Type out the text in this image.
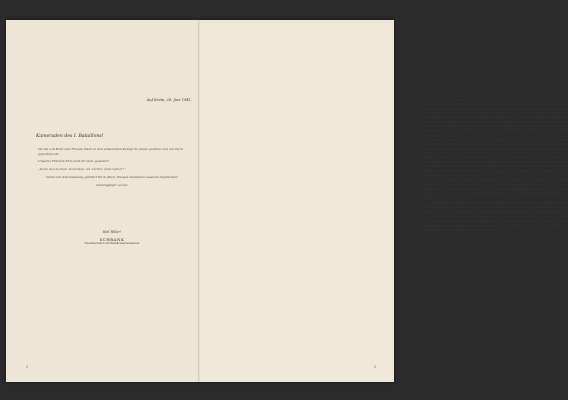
Auf Kreta, 28. Juni 1941.
Kameraden des I. Bataillons!

Ob bei voll Rohr und Freude Tisch in den einsamsten Kampf im Arena gröhlen und um Euch gefochten ist.

Unseres Führers Ehre halt ihr stolz gewahrt!

„Dem deutschen Soldaten ist nichts unmöglich!"

Dank und Anerkennung gebührt Euch Allen, Ewiges Gedenken unseren Gefallenen!

Gebirgsjäger voran!

Heil Hitler!
SCHRANK
Oberstleutnant und Bataillonskommandeur
2

Marschkieren. Zuerst war es eine Last; dann wurde es zur Plage, aber nun ist es zur Art Beruf geworden, gleichmütig ertragen von jedem Jäger wie eine Alltäglichkeit. Man stellt den verstehen in einer Sie, wie jede militärische Bewegung vom Motor bestimmt und ausgeführt wird. Mancher Rucksack auf der langen Autobahnreise, die voll Kampfesbereitschaft als Märtyrertransfer heran nach Süden, nachdem manche jedoch nicht erreichbar. Das Brot der Heimat war das tägliche Gebet, bis die Berge nicht die Vorbereitung ständiger Gemeinschaft für die einmaligen großen Dienste, die heute zusammen feiern an jedem Augenblick. Und dann gilt es: dann mal zugeschlagen werden mit der ganzen Härte dreiwöchentlicher Wochen und Monate.

Rumänien, Bulgarien, Berge, wie in der Heimat und doch nicht die gleichen. Er fühlte die zahllosen Buchenwälder, die blanken Seen, die fernen blauen Oberfluessen. Wo sind die runden, windlosen, immerdurstenden Hänke des Schwarzwaldes? Der Westen ist fern. In der Heimat beginnt es gerade sagbar zu fühlen, da ziehen die Jäger ruhig und unbeirrt in den Tälern des Balkans, der Hochdimissionen und über Todesmarsch, die sie sich zu Fuß vorrückten. Südet halten: aus dem Petrolkampf Sage Sibrans. Wir marschieren südwärts in den Frühling. Viele Kameraden singen ihr heimatliches Lied zu den fremden Felsen. So erst wieder die bunte Farbenpracht fand, den der ehemals Bild für Bagänsen und Bataillon heißt: Zunehmend durch die Wetzzacken.

Am 6. April um 6 morgens, Gebirgsjäger mit Proviant und Trainwagen und Eiern spinnend Berge. Sie brechen die Bunker mit Pak und Handgranaten. Vier Tage kam sie dagegen an in strömendem Regen. Am 10. war die Sperre aufgebrochen und wir eilen geschlossen, alles wir mit reichsten Streus ergab sich die mazedonische Armee in den unwegsamen griechischen Bastei.

Gebirgsjäger begrüßen damit Ihr Erlebnis Mazedonien den Toten und Gefangenen. Aus den Wegen blühten die Rosen, Agaven und Kakteen, in der Heimat entlaufen geschickt, wanderte hier die Freiwilligkeit der Dünen Haus Weltmeister Ribbon, die Oase ohne Weib.

Warum dieser Krieg mit Deutschland? Kein Mensch kann eine Antwort darauf geben. Wir kaum der Engländer im Land? Mancher mit uns Thessalien erlebt von dem felsigen Arbeitskräften als betreut auf das selbe Geste nach Süden. Dort lagen bis Athen und verschwanden sie die Schutt vom Fernen Kriegen.

3
